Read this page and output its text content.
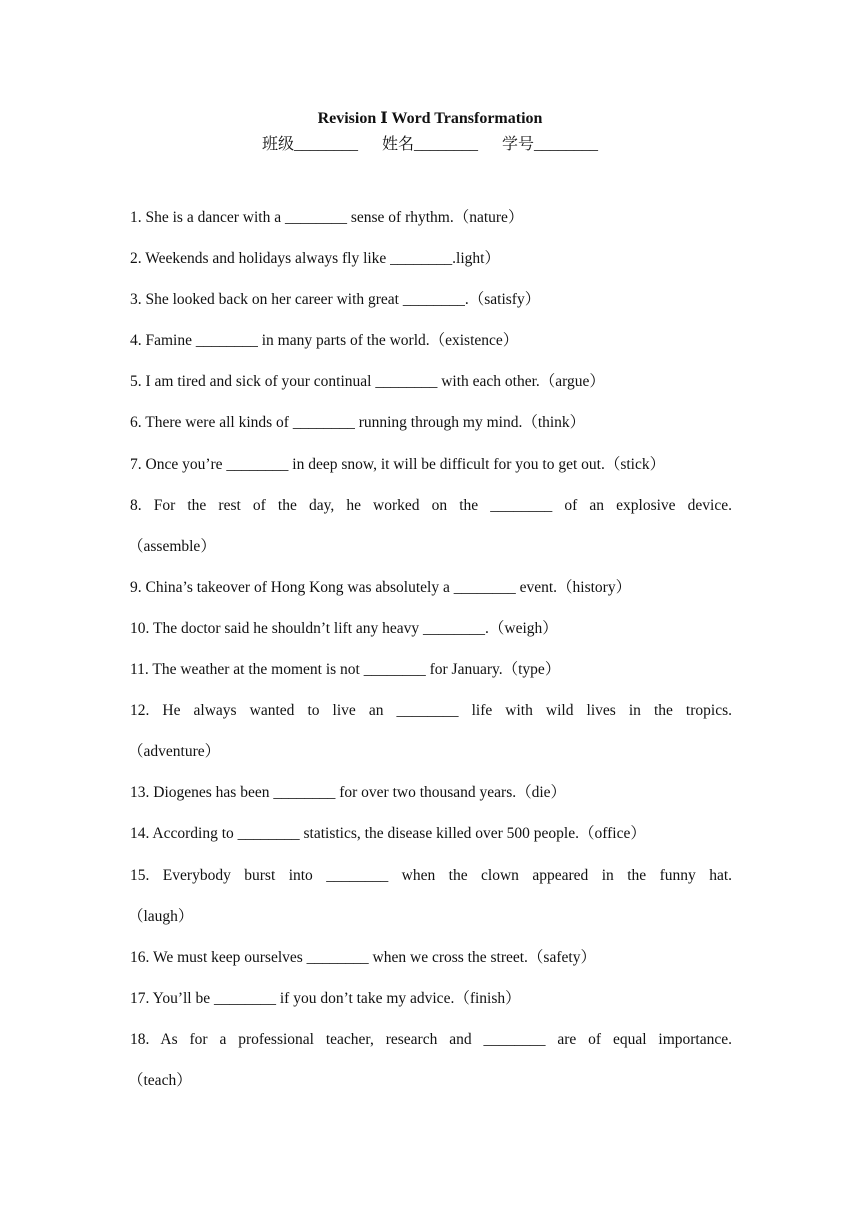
Revision Ⅰ Word Transformation
班级________ 姓名________ 学号________
1. She is a dancer with a ________ sense of rhythm.（nature）
2. Weekends and holidays always fly like ________.light）
3. She looked back on her career with great ________.（satisfy）
4. Famine ________ in many parts of the world.（existence）
5. I am tired and sick of your continual ________ with each other.（argue）
6. There were all kinds of ________ running through my mind.（think）
7. Once you’re ________ in deep snow, it will be difficult for you to get out.（stick）
8. For the rest of the day, he worked on the ________ of an explosive device.
（assemble）
9. China’s takeover of Hong Kong was absolutely a ________ event.（history）
10. The doctor said he shouldn’t lift any heavy ________.（weigh）
11. The weather at the moment is not ________ for January.（type）
12. He always wanted to live an ________ life with wild lives in the tropics.
（adventure）
13. Diogenes has been ________ for over two thousand years.（die）
14. According to ________ statistics, the disease killed over 500 people.（office）
15. Everybody burst into ________ when the clown appeared in the funny hat.
（laugh）
16. We must keep ourselves ________ when we cross the street.（safety）
17. You’ll be ________ if you don’t take my advice.（finish）
18. As for a professional teacher, research and ________ are of equal importance.
（teach）
